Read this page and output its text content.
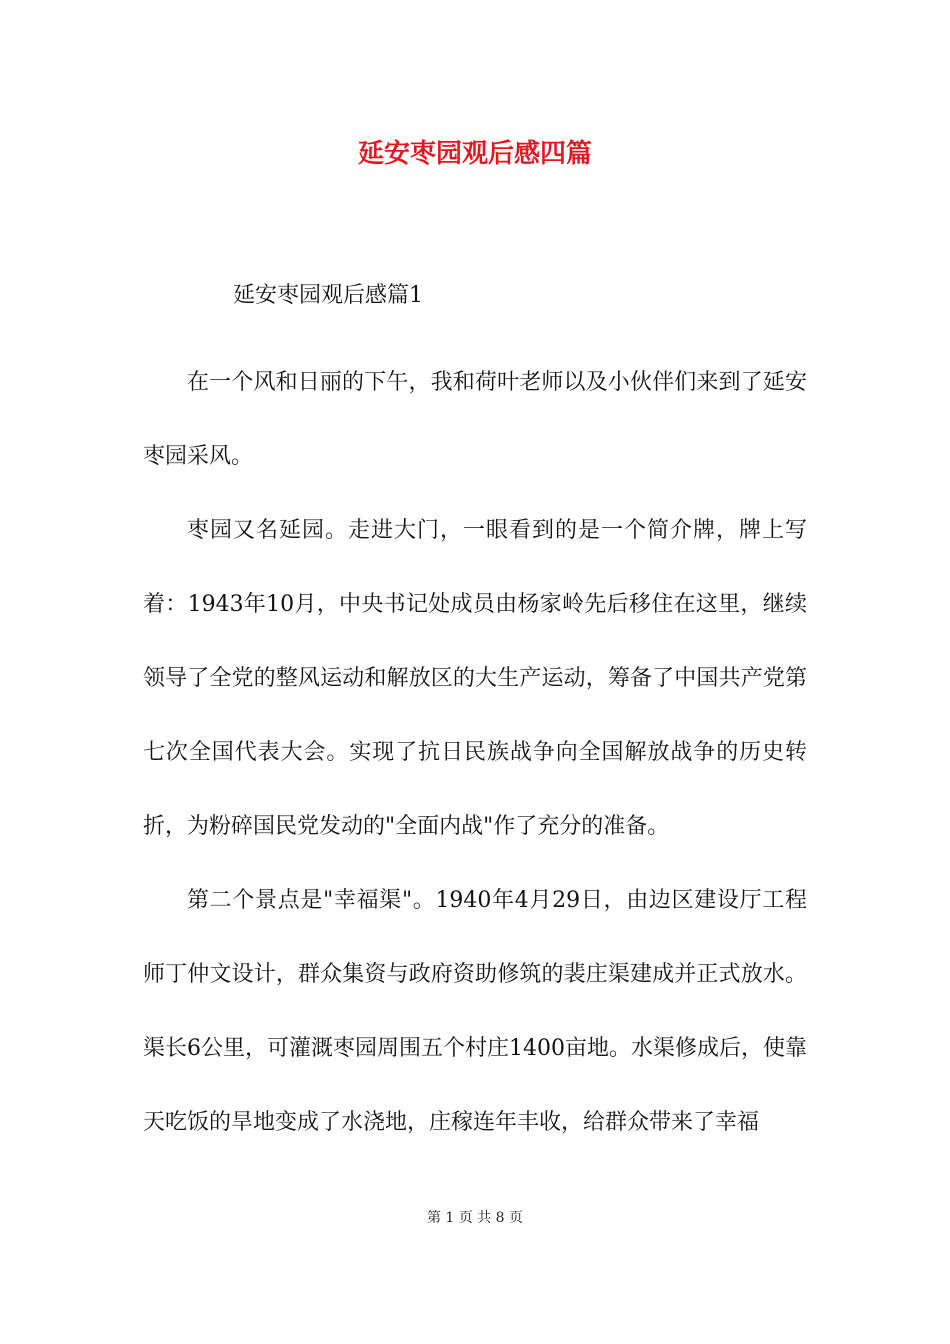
延安枣园观后感四篇
延安枣园观后感篇1

在一个风和日丽的下午，我和荷叶老师以及小伙伴们来到了延安枣园采风。

枣园又名延园。走进大门，一眼看到的是一个简介牌，牌上写着：1943年10月，中央书记处成员由杨家岭先后移住在这里，继续领导了全党的整风运动和解放区的大生产运动，筹备了中国共产党第七次全国代表大会。实现了抗日民族战争向全国解放战争的历史转折，为粉碎国民党发动的"全面内战"作了充分的准备。

第二个景点是"幸福渠"。1940年4月29日，由边区建设厅工程师丁仲文设计，群众集资与政府资助修筑的裴庄渠建成并正式放水。渠长6公里，可灌溉枣园周围五个村庄1400亩地。水渠修成后，使靠天吃饭的旱地变成了水浇地，庄稼连年丰收，给群众带来了幸福

第 1 页 共 8 页
